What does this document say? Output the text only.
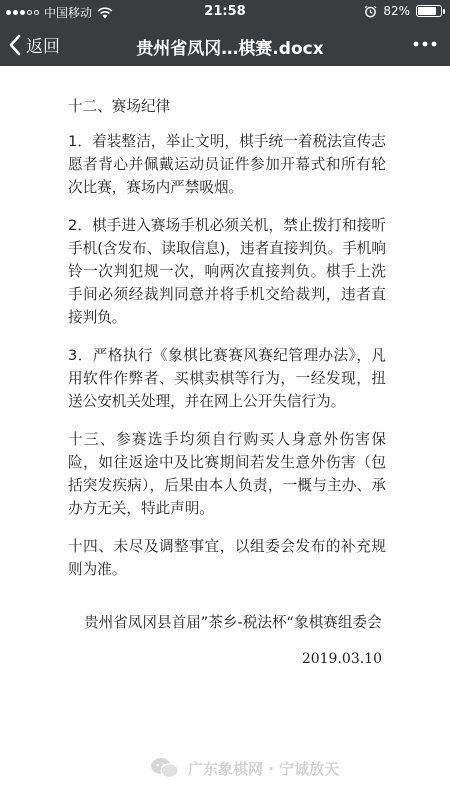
中国移动	21:58	82%
返回	贵州省凤冈…棋赛.docx

十二、赛场纪律

1．着装整洁，举止文明，棋手统一着税法宣传志愿者背心并佩戴运动员证件参加开幕式和所有轮次比赛，赛场内严禁吸烟。

2．棋手进入赛场手机必须关机，禁止拨打和接听手机(含发布、读取信息)，违者直接判负。手机响铃一次判犯规一次，响两次直接判负。棋手上洗手间必须经裁判同意并将手机交给裁判，违者直接判负。

3．严格执行《象棋比赛赛风赛纪管理办法》，凡用软件作弊者、买棋卖棋等行为，一经发现，扭送公安机关处理，并在网上公开失信行为。

十三、参赛选手均须自行购买人身意外伤害保险，如往返途中及比赛期间若发生意外伤害（包括突发疾病），后果由本人负责，一概与主办、承办方无关，特此声明。

十四、未尽及调整事宜，以组委会发布的补充规则为准。

贵州省凤冈县首届”茶乡-税法杯“象棋赛组委会

2019.03.10

广东象棋网 · 宁诚放天
